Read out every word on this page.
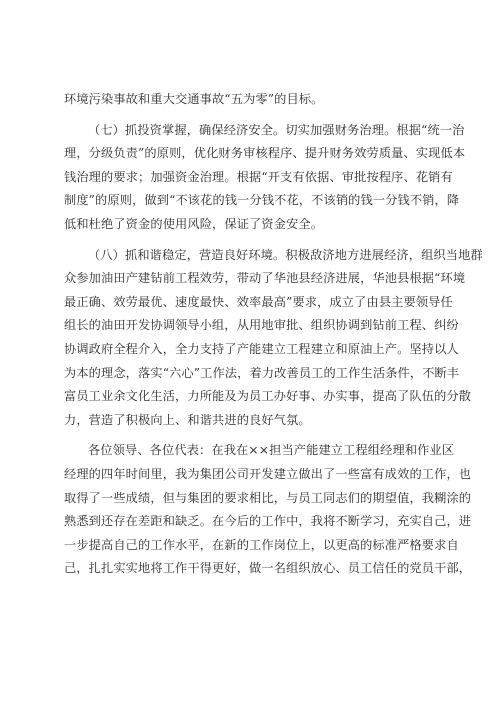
环境污染事故和重大交通事故“五为零”的目标。
（七）抓投资掌握，确保经济安全。切实加强财务治理。根据“统一治
理，分级负责”的原则，优化财务审核程序、提升财务效劳质量、实现低本
钱治理的要求；加强资金治理。根据“开支有依据、审批按程序、花销有
制度”的原则，做到“不该花的钱一分钱不花，不该销的钱一分钱不销，降
低和杜绝了资金的使用风险，保证了资金安全。
（八）抓和谐稳定，营造良好环境。积极敌济地方进展经济，组织当地群
众参加油田产建钻前工程效劳，带动了华池县经济进展，华池县根据“环境
最正确、效劳最优、速度最快、效率最高”要求，成立了由县主要领导任
组长的油田开发协调领导小组，从用地审批、组织协调到钻前工程、纠纷
协调政府全程介入，全力支持了产能建立工程建立和原油上产。坚持以人
为本的理念，落实“六心”工作法，着力改善员工的工作生活条件，不断丰
富员工业余文化生活，力所能及为员工办好事、办实事，提高了队伍的分散
力，营造了积极向上、和谐共进的良好气氛。
各位领导、各位代表：在我在××担当产能建立工程组经理和作业区
经理的四年时间里，我为集团公司开发建立做出了一些富有成效的工作，也
取得了一些成绩，但与集团的要求相比，与员工同志们的期望值，我糊涂的
熟悉到还存在差距和缺乏。在今后的工作中，我将不断学习，充实自己，进
一步提高自己的工作水平，在新的工作岗位上，以更高的标准严格要求自
己，扎扎实实地将工作干得更好，做一名组织放心、员工信任的党员干部，
